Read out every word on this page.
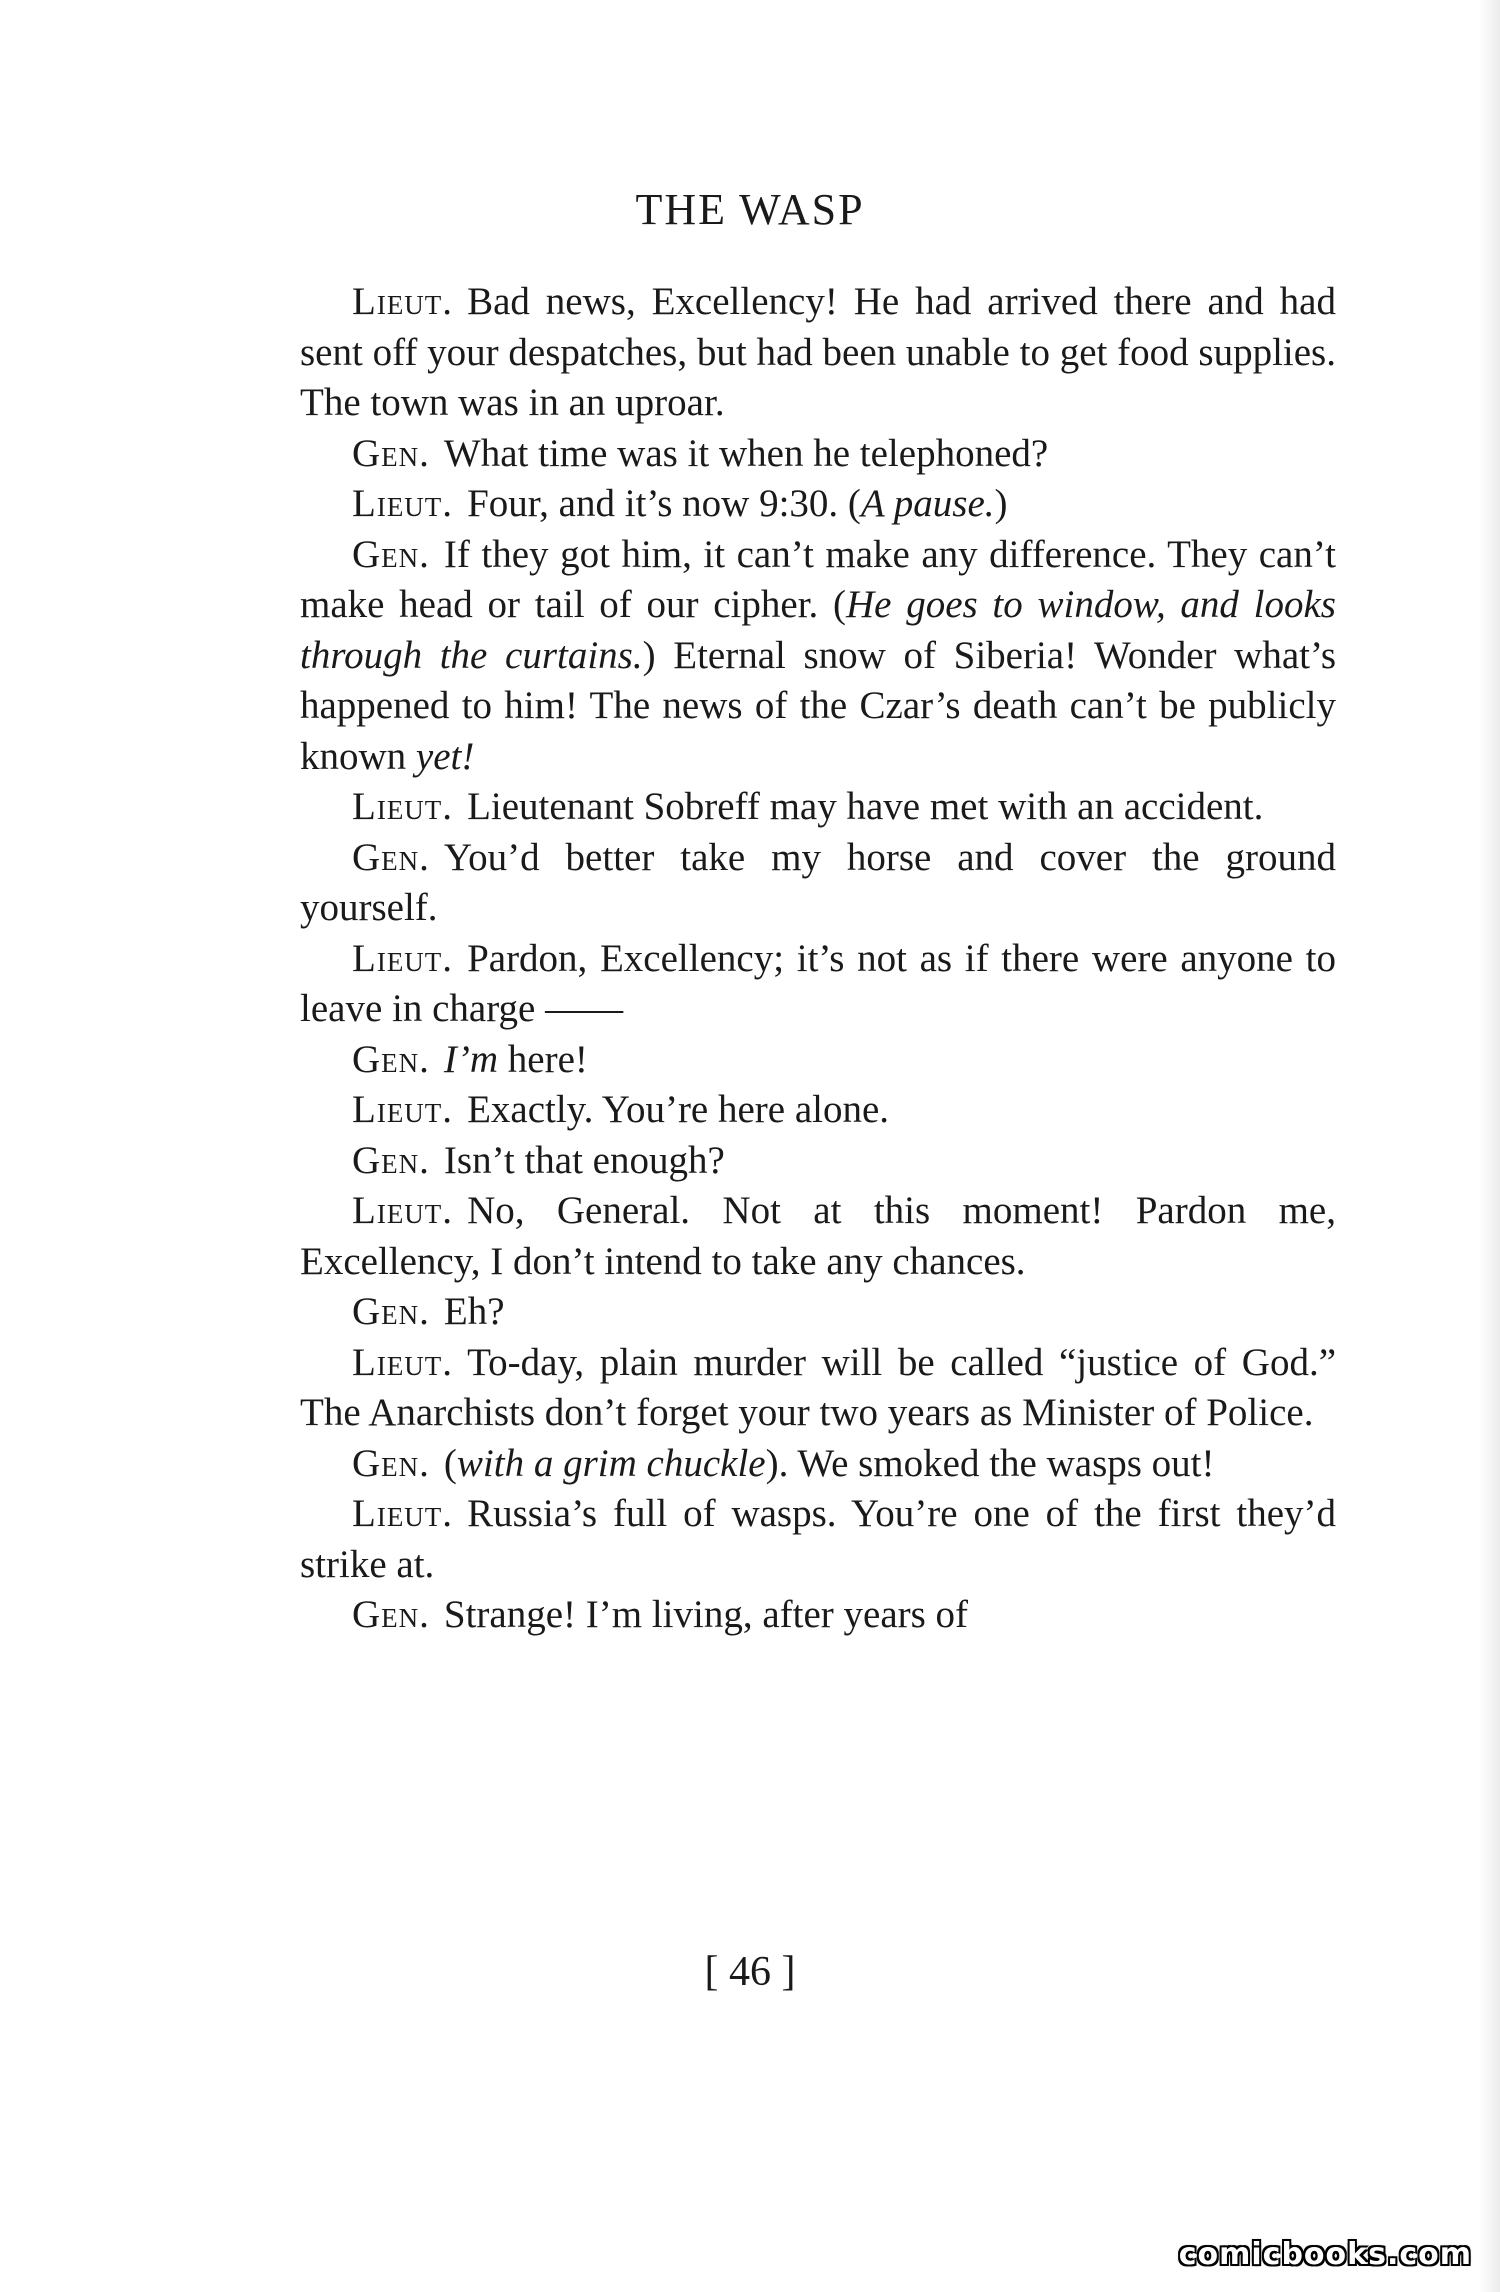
THE WASP

Lieut. Bad news, Excellency! He had arrived there and had sent off your despatches, but had been unable to get food supplies. The town was in an uproar.

Gen. What time was it when he telephoned?

Lieut. Four, and it’s now 9:30. (A pause.)

Gen. If they got him, it can’t make any difference. They can’t make head or tail of our cipher. (He goes to window, and looks through the curtains.) Eternal snow of Siberia! Wonder what’s happened to him! The news of the Czar’s death can’t be publicly known yet!

Lieut. Lieutenant Sobreff may have met with an accident.

Gen. You’d better take my horse and cover the ground yourself.

Lieut. Pardon, Excellency; it’s not as if there were anyone to leave in charge ——

Gen. I’m here!

Lieut. Exactly. You’re here alone.

Gen. Isn’t that enough?

Lieut. No, General. Not at this moment! Pardon me, Excellency, I don’t intend to take any chances.

Gen. Eh?

Lieut. To-day, plain murder will be called “justice of God.” The Anarchists don’t forget your two years as Minister of Police.

Gen. (with a grim chuckle). We smoked the wasps out!

Lieut. Russia’s full of wasps. You’re one of the first they’d strike at.

Gen. Strange! I’m living, after years of

[ 46 ]
comicbooks.com
